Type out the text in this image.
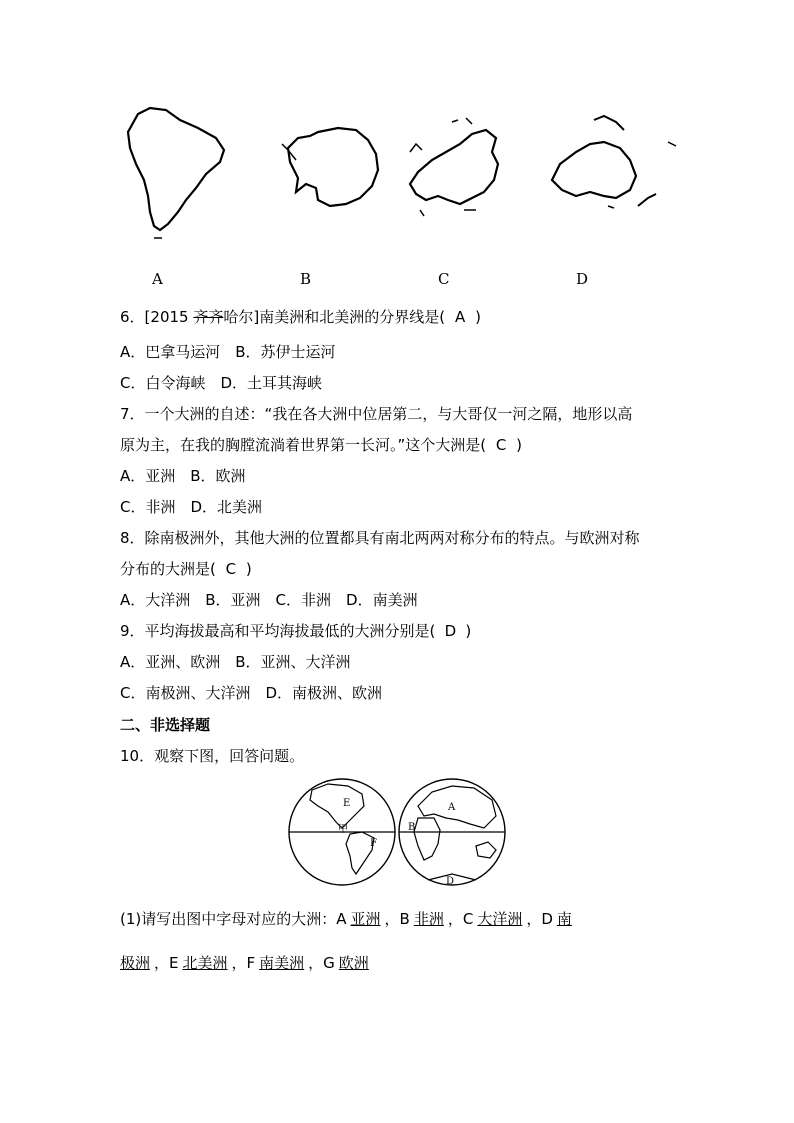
A	B	C	D
6．[2015 齐齐哈尔]南美洲和北美洲的分界线是( A )
A．巴拿马运河　B．苏伊士运河
C．白令海峡　D．土耳其海峡
7．一个大洲的自述：“我在各大洲中位居第二，与大哥仅一河之隔，地形以高
原为主，在我的胸膛流淌着世界第一长河。”这个大洲是( C )
A．亚洲　B．欧洲
C．非洲　D．北美洲
8．除南极洲外，其他大洲的位置都具有南北两两对称分布的特点。与欧洲对称
分布的大洲是( C )
A．大洋洲　B．亚洲　C．非洲　D．南美洲
9．平均海拔最高和平均海拔最低的大洲分别是( D )
A．亚洲、欧洲　B．亚洲、大洋洲
C．南极洲、大洋洲　D．南极洲、欧洲
二、非选择题
10．观察下图，回答问题。
E
甲
F
A
B
D
(1)请写出图中字母对应的大洲：A 亚洲 ，B 非洲 ，C 大洋洲 ，D 南
极洲 ，E 北美洲 ，F 南美洲 ，G 欧洲
